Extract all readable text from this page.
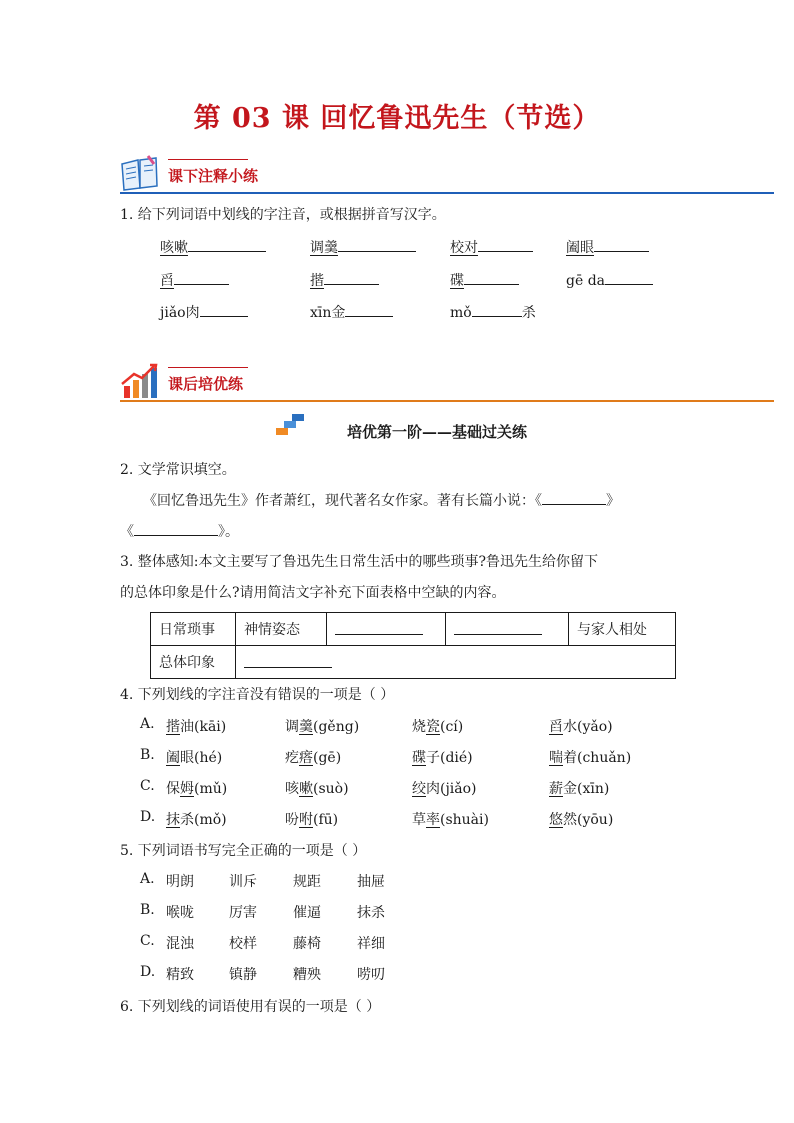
第 03 课 回忆鲁迅先生（节选）
课下注释小练
1. 给下列词语中划线的字注音，或根据拼音写汉字。
咳嗽	调羹	校对	阖眼
舀	揩	碟	gē da
jiǎo肉	xīn金	mǒ	杀
课后培优练
培优第一阶——基础过关练
2. 文学常识填空。
《回忆鲁迅先生》作者萧红，现代著名女作家。著有长篇小说：《	》
《	》。
3. 整体感知:本文主要写了鲁迅先生日常生活中的哪些琐事?鲁迅先生给你留下
的总体印象是什么?请用简洁文字补充下面表格中空缺的内容。
日常琐事	神情姿态			与家人相处
总体印象				
4. 下列划线的字注音没有错误的一项是（ ）
A. 揩油(kāi)	调羹(gěng)	烧瓷(cí)	舀水(yǎo)
B. 阖眼(hé)	疙瘩(gē)	碟子(dié)	喘着(chuǎn)
C. 保姆(mǔ)	咳嗽(suò)	绞肉(jiǎo)	薪金(xīn)
D. 抹杀(mǒ)	吩咐(fū)	草率(shuài)	悠然(yōu)
5. 下列词语书写完全正确的一项是（ ）
A. 明朗	训斥	规距	抽屉
B. 喉咙	厉害	催逼	抹杀
C. 混浊	校样	藤椅	祥细
D. 精致	镇静	糟殃	唠叨
6. 下列划线的词语使用有误的一项是（ ）
